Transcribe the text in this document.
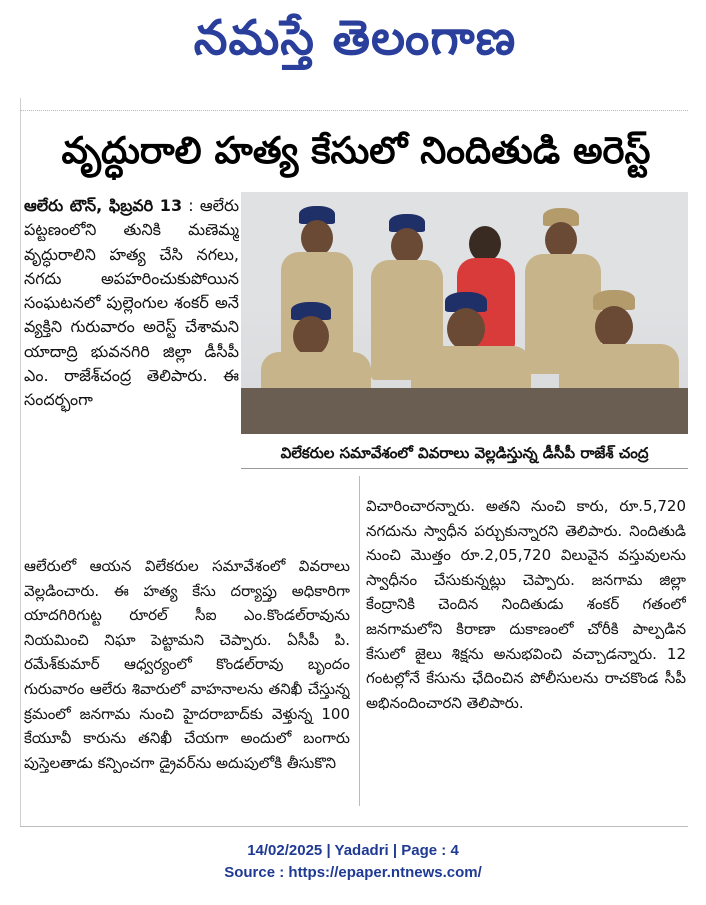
నమస్తే తెలంగాణ
వృద్ధురాలి హత్య కేసులో నిందితుడి అరెస్ట్
ఆలేరు టౌన్‌, ఫిబ్రవరి 13 : ఆలేరు పట్టణంలోని తునికి మణెమ్మ వృద్ధురాలిని హత్య చేసి నగలు, నగదు అపహరించుకుపోయిన సంఘటనలో పుల్లెంగుల శంకర్‌ అనే వ్యక్తిని గురువారం అరెస్ట్‌ చేశామని యాదాద్రి భువనగిరి జిల్లా డీసీపీ ఎం. రాజేశ్‌చంద్ర తెలిపారు. ఈ సందర్భంగా
విలేకరుల సమావేశంలో వివరాలు వెల్లడిస్తున్న డీసీపీ రాజేశ్‌ చంద్ర
ఆలేరులో ఆయన విలేకరుల సమావేశంలో వివరాలు వెల్లడించారు. ఈ హత్య కేసు దర్యాప్తు అధికారిగా యాదగిరిగుట్ట రూరల్‌ సీఐ ఎం.కొండల్‌రావును నియమించి నిఘా పెట్టామని చెప్పారు. ఏసీపీ పి. రమేశ్‌కుమార్‌ ఆధ్వర్యంలో కొండల్‌రావు బృందం గురువారం ఆలేరు శివారులో వాహనాలను తనిఖీ చేస్తున్న క్రమంలో జనగామ నుంచి హైదరాబాద్‌కు వెళ్తున్న 100 కేయూవీ కారును తనిఖీ చేయగా అందులో బంగారు పుస్తెలతాడు కన్పించగా డ్రైవర్‌ను అదుపులోకి తీసుకొని
విచారించారన్నారు. అతని నుంచి కారు, రూ.5,720 నగదును స్వాధీన పర్చుకున్నారని తెలిపారు. నిందితుడి నుంచి మొత్తం రూ.2,05,720 విలువైన వస్తువులను స్వాధీనం చేసుకున్నట్లు చెప్పారు. జనగామ జిల్లా కేంద్రానికి చెందిన నిందితుడు శంకర్‌ గతంలో జనగామలోని కిరాణా దుకాణంలో చోరీకి పాల్పడిన కేసులో జైలు శిక్షను అనుభవించి వచ్చాడన్నారు. 12 గంటల్లోనే కేసును ఛేదించిన పోలీసులను రాచకొండ సీపీ అభినందించారని తెలిపారు.
14/02/2025 | Yadadri | Page : 4
Source : https://epaper.ntnews.com/
